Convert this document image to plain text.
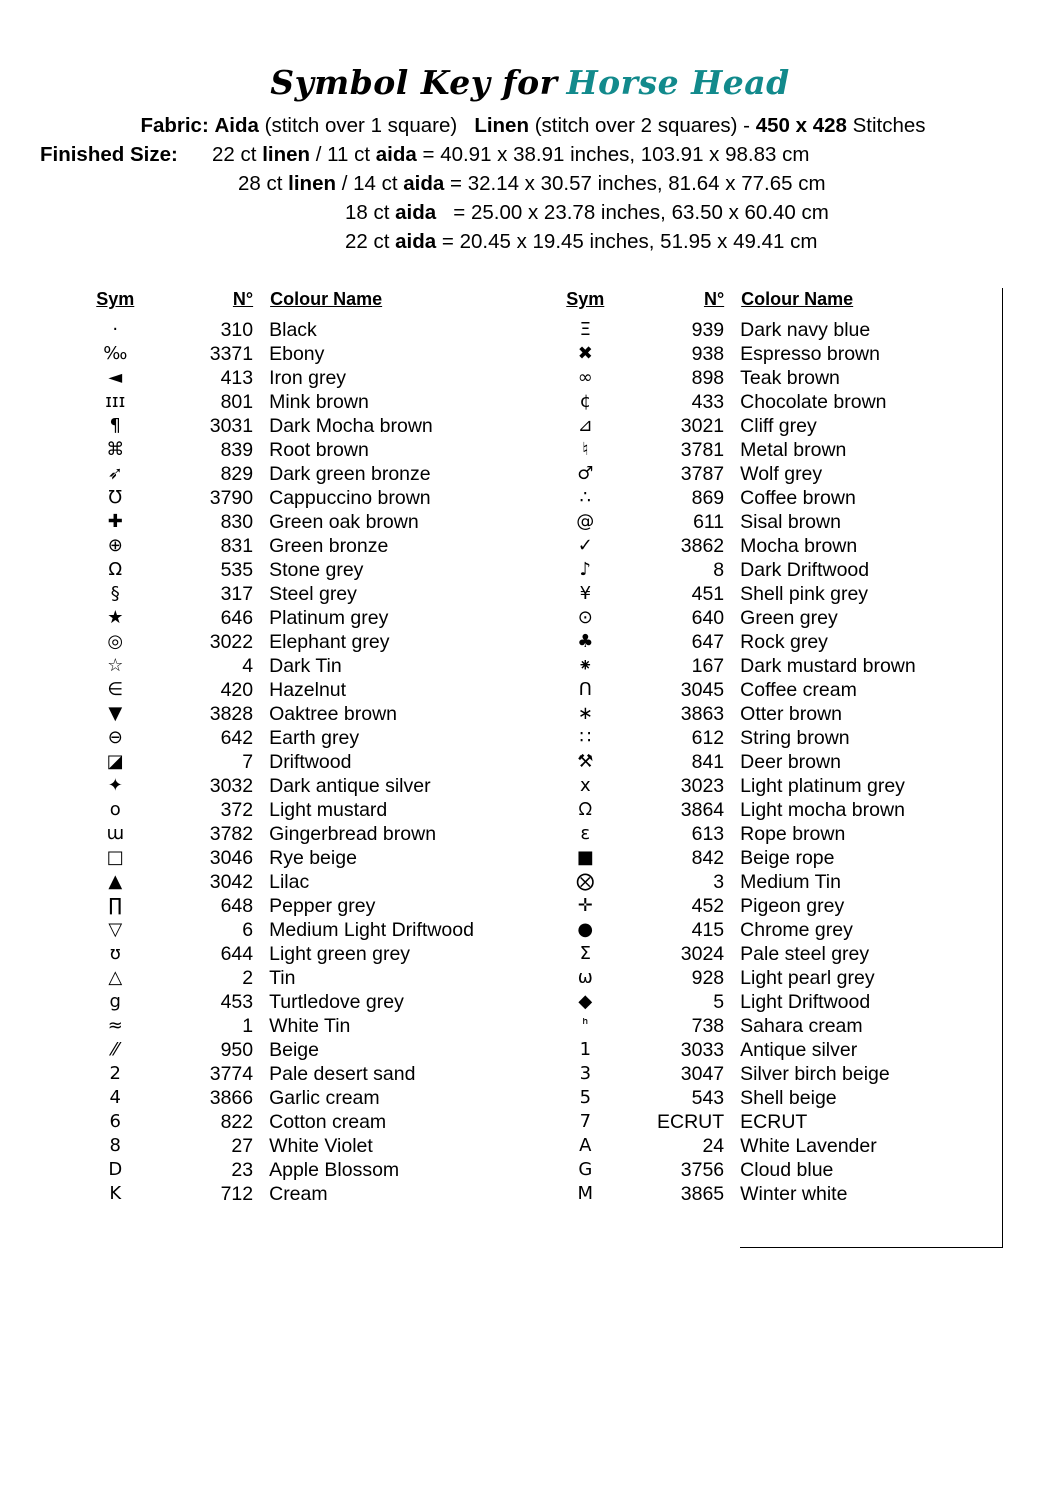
Symbol Key for Horse Head
Fabric: Aida (stitch over 1 square) Linen (stitch over 2 squares) - 450 x 428 Stitches
Finished Size: 22 ct linen / 11 ct aida = 40.91 x 38.91 inches, 103.91 x 98.83 cm
28 ct linen / 14 ct aida = 32.14 x 30.57 inches, 81.64 x 77.65 cm
18 ct aida = 25.00 x 23.78 inches, 63.50 x 60.40 cm
22 ct aida = 20.45 x 19.45 inches, 51.95 x 49.41 cm
Sym	N°	Colour Name
·	310	Black
‰	3371	Ebony
◄	413	Iron grey
ɪɪɪ	801	Mink brown
¶	3031	Dark Mocha brown
⌘	839	Root brown
➶	829	Dark green bronze
℧	3790	Cappuccino brown
✚	830	Green oak brown
⊕	831	Green bronze
Ω	535	Stone grey
§	317	Steel grey
★	646	Platinum grey
◎	3022	Elephant grey
☆	4	Dark Tin
∈	420	Hazelnut
▼	3828	Oaktree brown
⊖	642	Earth grey
◪	7	Driftwood
✦	3032	Dark antique silver
o	372	Light mustard
ɯ	3782	Gingerbread brown
□	3046	Rye beige
▲	3042	Lilac
∏	648	Pepper grey
▽	6	Medium Light Driftwood
ʊ	644	Light green grey
△	2	Tin
g	453	Turtledove grey
≈	1	White Tin
⁄⁄	950	Beige
2	3774	Pale desert sand
4	3866	Garlic cream
6	822	Cotton cream
8	27	White Violet
D	23	Apple Blossom
K	712	Cream
Sym	N°	Colour Name
Ξ	939	Dark navy blue
✖	938	Espresso brown
∞	898	Teak brown
¢	433	Chocolate brown
⊿	3021	Cliff grey
♮	3781	Metal brown
♂	3787	Wolf grey
∴	869	Coffee brown
@	611	Sisal brown
✓	3862	Mocha brown
♪	8	Dark Driftwood
¥	451	Shell pink grey
⊙	640	Green grey
♣	647	Rock grey
⁕	167	Dark mustard brown
ᑎ	3045	Coffee cream
∗	3863	Otter brown
∷	612	String brown
⚒	841	Deer brown
x	3023	Light platinum grey
ᘯ	3864	Light mocha brown
ɛ	613	Rope brown
■	842	Beige rope
⨂	3	Medium Tin
✛	452	Pigeon grey
●	415	Chrome grey
Σ	3024	Pale steel grey
ω	928	Light pearl grey
◆	5	Light Driftwood
ᑋ	738	Sahara cream
1	3033	Antique silver
3	3047	Silver birch beige
5	543	Shell beige
7	ECRUT	ECRUT
A	24	White Lavender
G	3756	Cloud blue
M	3865	Winter white
